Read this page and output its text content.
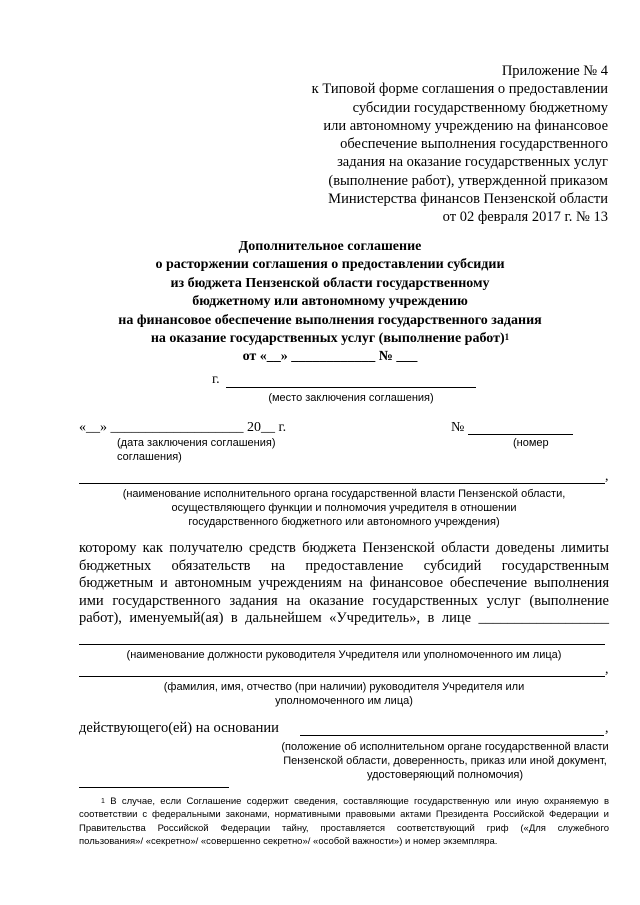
Приложение № 4
к Типовой форме соглашения о предоставлении
субсидии государственному бюджетному
или автономному учреждению на финансовое
обеспечение выполнения государственного
задания на оказание государственных услуг
(выполнение работ), утвержденной приказом
Министерства финансов Пензенской области
от 02 февраля 2017 г. № 13
Дополнительное соглашение
о расторжении соглашения о предоставлении субсидии
из бюджета Пензенской области государственному
бюджетному или автономному учреждению
на финансовое обеспечение выполнения государственного задания
на оказание государственных услуг (выполнение работ)$^1$
от «__» ____________ № ___
г.
(место заключения соглашения)
«__» ___________________ 20__ г.	№
(дата заключения соглашения)	(номер
соглашения)
,
(наименование исполнительного органа государственной власти Пензенской области,
осуществляющего функции и полномочия учредителя в отношении
государственного бюджетного или автономного учреждения)
которому как получателю средств бюджета Пензенской области доведены лимиты
бюджетных обязательств на предоставление субсидий государственным
бюджетным и автономным учреждениям на финансовое обеспечение выполнения
ими государственного задания на оказание государственных услуг (выполнение
работ), именуемый(ая) в дальнейшем «Учредитель», в лице __________________
(наименование должности руководителя Учредителя или уполномоченного им лица)
,
(фамилия, имя, отчество (при наличии) руководителя Учредителя или
уполномоченного им лица)
действующего(ей) на основании	,
(положение об исполнительном органе государственной власти
Пензенской области, доверенность, приказ или иной документ,
удостоверяющий полномочия)
$^1$ В случае, если Соглашение содержит сведения, составляющие государственную или иную охраняемую в
соответствии с федеральными законами, нормативными правовыми актами Президента Российской Федерации и
Правительства Российской Федерации тайну, проставляется соответствующий гриф («Для служебного
пользования»/ «секретно»/ «совершенно секретно»/ «особой важности») и номер экземпляра.
